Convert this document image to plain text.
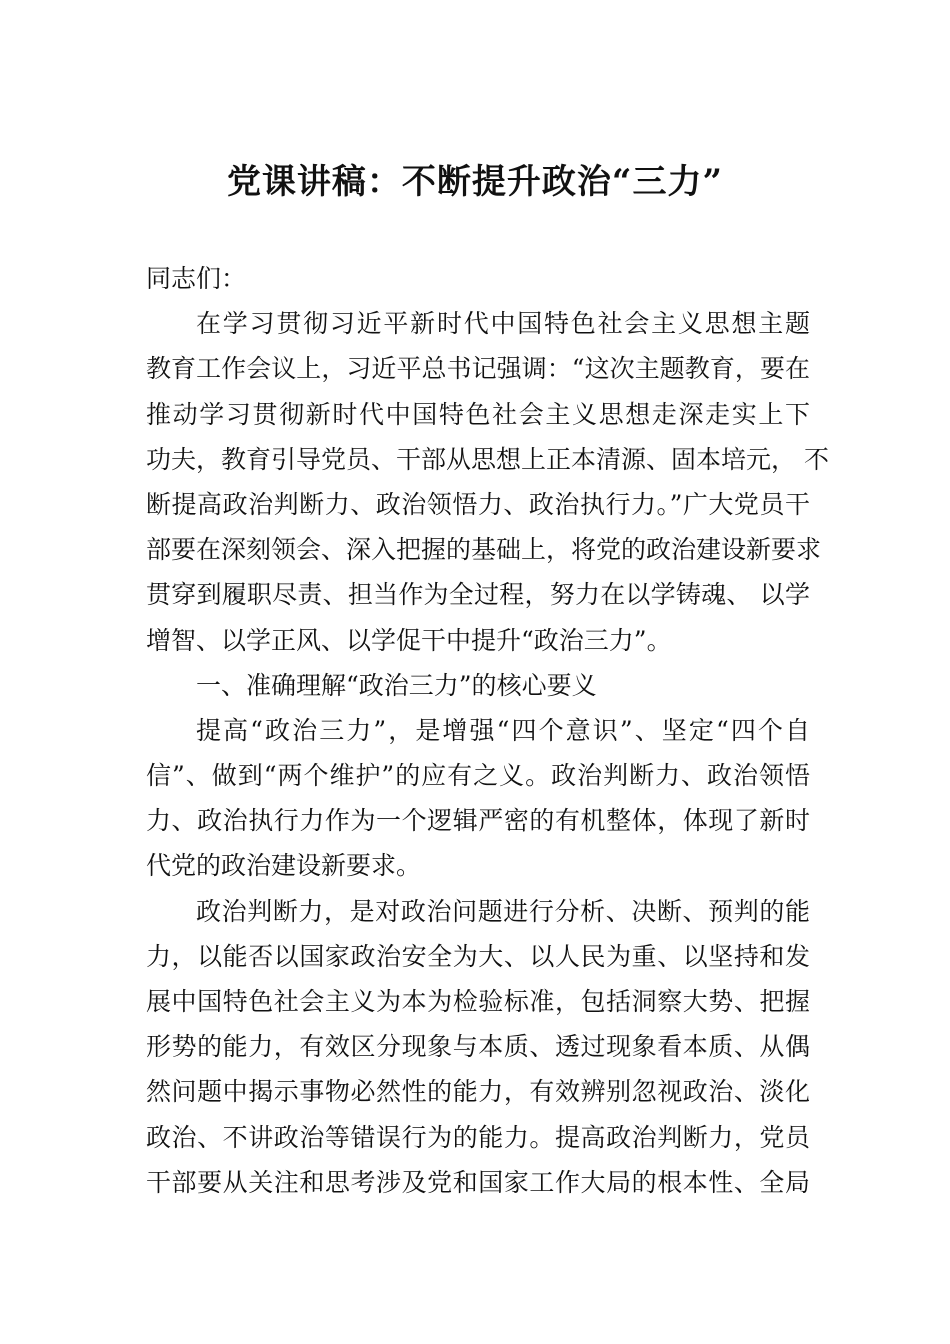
党课讲稿：不断提升政治“三力”
同志们：
在学习贯彻习近平新时代中国特色社会主义思想主题
教育工作会议上，习近平总书记强调：“这次主题教育，要在
推动学习贯彻新时代中国特色社会主义思想走深走实上下
功夫，教育引导党员、干部从思想上正本清源、固本培元， 不
断提高政治判断力、政治领悟力、政治执行力。”广大党员干
部要在深刻领会、深入把握的基础上，将党的政治建设新要求
贯穿到履职尽责、担当作为全过程，努力在以学铸魂、 以学
增智、以学正风、以学促干中提升“政治三力”。
一、准确理解“政治三力”的核心要义
提高“政治三力”，是增强“四个意识”、坚定“四个自
信”、做到“两个维护”的应有之义。政治判断力、政治领悟
力、政治执行力作为一个逻辑严密的有机整体，体现了新时
代党的政治建设新要求。
政治判断力，是对政治问题进行分析、决断、预判的能
力，以能否以国家政治安全为大、以人民为重、以坚持和发
展中国特色社会主义为本为检验标准，包括洞察大势、把握
形势的能力，有效区分现象与本质、透过现象看本质、从偶
然问题中揭示事物必然性的能力，有效辨别忽视政治、淡化
政治、不讲政治等错误行为的能力。提高政治判断力，党员
干部要从关注和思考涉及党和国家工作大局的根本性、全局
